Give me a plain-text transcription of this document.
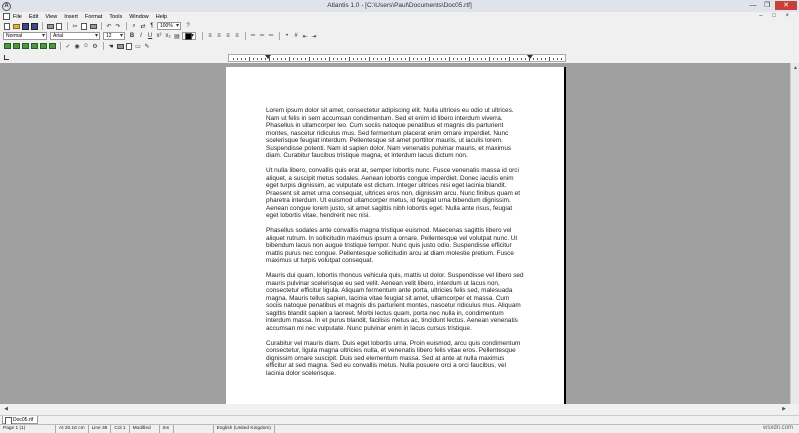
A	Atlantis 1.0 - [C:\Users\Paul\Documents\Doc05.rtf]	—	❐	✕
File Edit View Insert Format Tools Window Help	– □ ×
✂	↶ ↷	⌕ ⇄ ¶	100%
▾	?
Normal
▾	Arial
▾	12
▾	B I	U x² x₂ ▤
▾	≡ ≡ ≡ ≡	═ ═ ═	•	# ⇤ ⇥
✓ ◉ ☺ ⚙ ☚	▭ ✎
▲

Lorem ipsum dolor sit amet, consectetur adipiscing elit. Nulla ultrices eu odio ut ultrices. Nam ut felis in sem accumsan condimentum. Sed et enim id libero interdum viverra. Phasellus in ullamcorper leo. Cum sociis natoque penatibus et magnis dis parturient montes, nascetur ridiculus mus. Sed fermentum placerat enim ornare imperdiet. Nunc scelerisque feugiat interdum. Pellentesque sit amet porttitor mauris, ut iaculis lorem. Suspendisse potenti. Nam id sapien dolor. Nam venenatis pulvinar mauris, et maximus diam. Curabitur faucibus tristique magna, et interdum lacus dictum non.

Ut nulla libero, convallis quis erat at, semper lobortis nunc. Fusce venenatis massa id orci aliquet, a suscipit metus sodales. Aenean lobortis congue imperdiet. Donec iaculis enim eget turpis dignissim, ac vulputate est dictum. Integer ultrices nisi eget lacinia blandit. Praesent sit amet urna consequat, ultrices eros non, dignissim arcu. Nunc finibus quam et pharetra interdum. Ut euismod ullamcorper metus, id feugiat urna bibendum dignissim. Aenean congue lorem justo, sit amet sagittis nibh lobortis eget. Nulla ante risus, feugiat eget lobortis vitae, hendrerit nec nisi.

Phasellus sodales ante convallis magna tristique euismod. Maecenas sagittis libero vel aliquet rutrum. In sollicitudin maximus ipsum a ornare. Pellentesque vel volutpat nunc. Ut bibendum lacus non augue tristique tempor. Nunc quis justo odio. Suspendisse efficitur mattis purus nec congue. Pellentesque sollicitudin arcu at diam molestie pretium. Fusce maximus ut turpis volutpat consequat.

Mauris dui quam, lobortis rhoncus vehicula quis, mattis ut dolor. Suspendisse vel libero sed mauris pulvinar scelerisque eu sed velit. Aenean velit libero, interdum ut lacus non, consectetur efficitur ligula. Aliquam fermentum ante porta, ultricies felis sed, malesuada magna. Mauris tellus sapien, lacinia vitae feugiat sit amet, ullamcorper et massa. Cum sociis natoque penatibus et magnis dis parturient montes, nascetur ridiculus mus. Aliquam sagittis blandit sapien a laoreet. Morbi lectus quam, porta nec nulla in, condimentum interdum massa. In et purus blandit, facilisis metus ac, tincidunt lectus. Aenean venenatis accumsan mi nec vulputate. Nunc pulvinar enim in lacus cursus tristique.

Curabitur vel mauris diam. Duis eget lobortis urna. Proin euismod, arcu quis condimentum consectetur, ligula magna ultricies nulla, et venenatis libero felis vitae eros. Pellentesque dignissim ornare suscipit. Duis sed elementum massa. Sed at ante at nulla maximus efficitur at sed magna. Sed eu convallis metus. Nulla posuere orci a orci faucibus, vel lacinia dolor scelerisque.

◀	▶
Doc05.rtf
Page 1 (1)	At 20.16 cm	Line 38	Col 1	Modified	Ins	English (United Kingdom)	wsxdn.com
